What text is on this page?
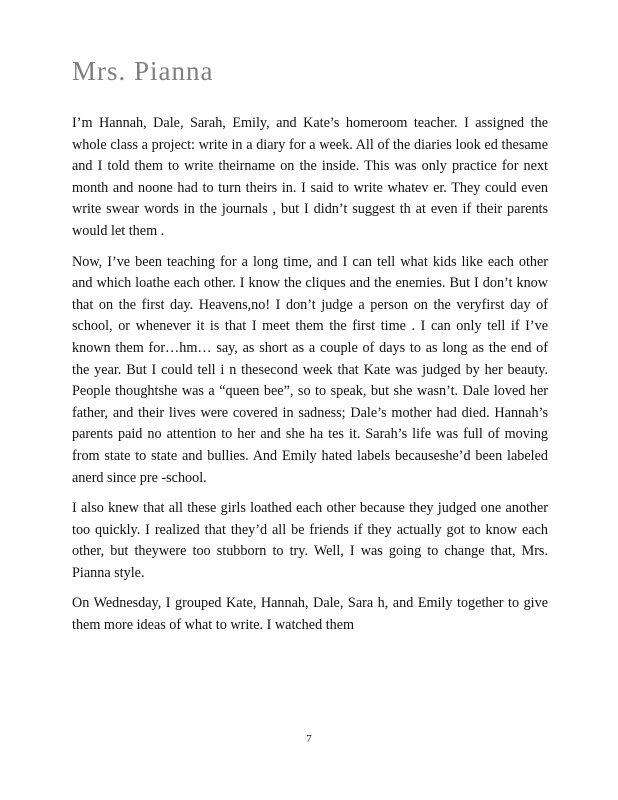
Mrs. Pianna

I’m Hannah, Dale, Sarah, Emily, and Kate’s homeroom teacher. I assigned the whole class a project: write in a diary for a week. All of the diaries look ed thesame and I told them to write theirname on the inside. This was only practice for next month and noone had to turn theirs in. I said to write whatev er. They could even write swear words in the journals , but I didn’t suggest th at even if their parents would let them .

Now, I’ve been teaching for a long time, and I can tell what kids like each other and which loathe each other. I know the cliques and the enemies. But I don’t know that on the first day. Heavens,no! I don’t judge a person on the veryfirst day of school, or whenever it is that I meet them the first time . I can only tell if I’ve known them for…hm… say, as short as a couple of days to as long as the end of the year. But I could tell i n thesecond week that Kate was judged by her beauty. People thoughtshe was a “queen bee”, so to speak, but she wasn’t. Dale loved her father, and their lives were covered in sadness; Dale’s mother had died. Hannah’s parents paid no attention to her and she ha tes it. Sarah’s life was full of moving from state to state and bullies. And Emily hated labels becauseshe’d been labeled anerd since pre -school.

I also knew that all these girls loathed each other because they judged one another too quickly. I realized that they’d all be friends if they actually got to know each other, but theywere too stubborn to try. Well, I was going to change that, Mrs. Pianna style.

On Wednesday, I grouped Kate, Hannah, Dale, Sara h, and Emily together to give them more ideas of what to write. I watched them

7
